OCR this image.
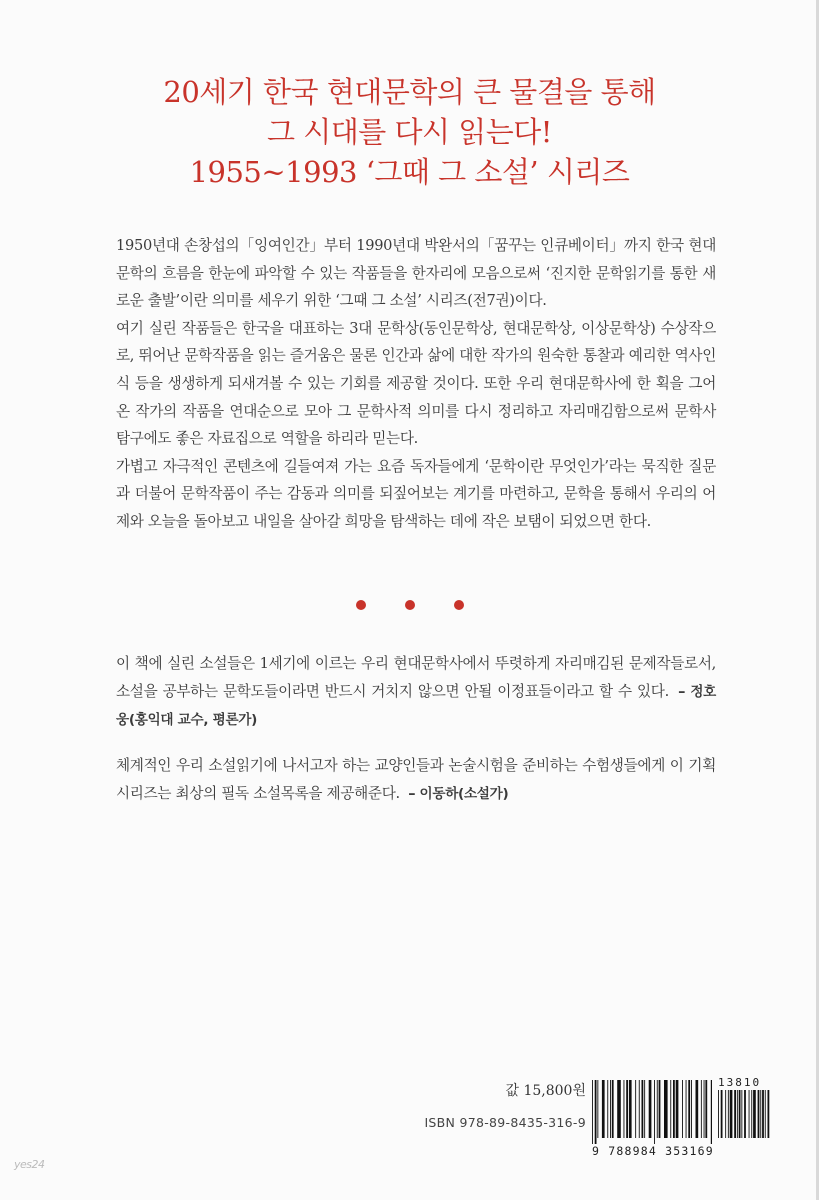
20세기 한국 현대문학의 큰 물결을 통해
그 시대를 다시 읽는다!
1955~1993 ‘그때 그 소설’ 시리즈

1950년대 손창섭의「잉여인간」부터 1990년대 박완서의「꿈꾸는 인큐베이터」까지 한국 현대문학의 흐름을 한눈에 파악할 수 있는 작품들을 한자리에 모음으로써 ‘진지한 문학읽기를 통한 새로운 출발’이란 의미를 세우기 위한 ‘그때 그 소설’ 시리즈(전7권)이다.

여기 실린 작품들은 한국을 대표하는 3대 문학상(동인문학상, 현대문학상, 이상문학상) 수상작으로, 뛰어난 문학작품을 읽는 즐거움은 물론 인간과 삶에 대한 작가의 원숙한 통찰과 예리한 역사인식 등을 생생하게 되새겨볼 수 있는 기회를 제공할 것이다. 또한 우리 현대문학사에 한 획을 그어온 작가의 작품을 연대순으로 모아 그 문학사적 의미를 다시 정리하고 자리매김함으로써 문학사 탐구에도 좋은 자료집으로 역할을 하리라 믿는다.

가볍고 자극적인 콘텐츠에 길들여져 가는 요즘 독자들에게 ‘문학이란 무엇인가’라는 묵직한 질문과 더불어 문학작품이 주는 감동과 의미를 되짚어보는 계기를 마련하고, 문학을 통해서 우리의 어제와 오늘을 돌아보고 내일을 살아갈 희망을 탐색하는 데에 작은 보탬이 되었으면 한다.

이 책에 실린 소설들은 1세기에 이르는 우리 현대문학사에서 뚜렷하게 자리매김된 문제작들로서, 소설을 공부하는 문학도들이라면 반드시 거치지 않으면 안될 이정표들이라고 할 수 있다. – 정호웅(홍익대 교수, 평론가)

체계적인 우리 소설읽기에 나서고자 하는 교양인들과 논술시험을 준비하는 수험생들에게 이 기획 시리즈는 최상의 필독 소설목록을 제공해준다. – 이동하(소설가)

값 15,800원
ISBN 978-89-8435-316-9
13810
9 788984 353169
yes24
